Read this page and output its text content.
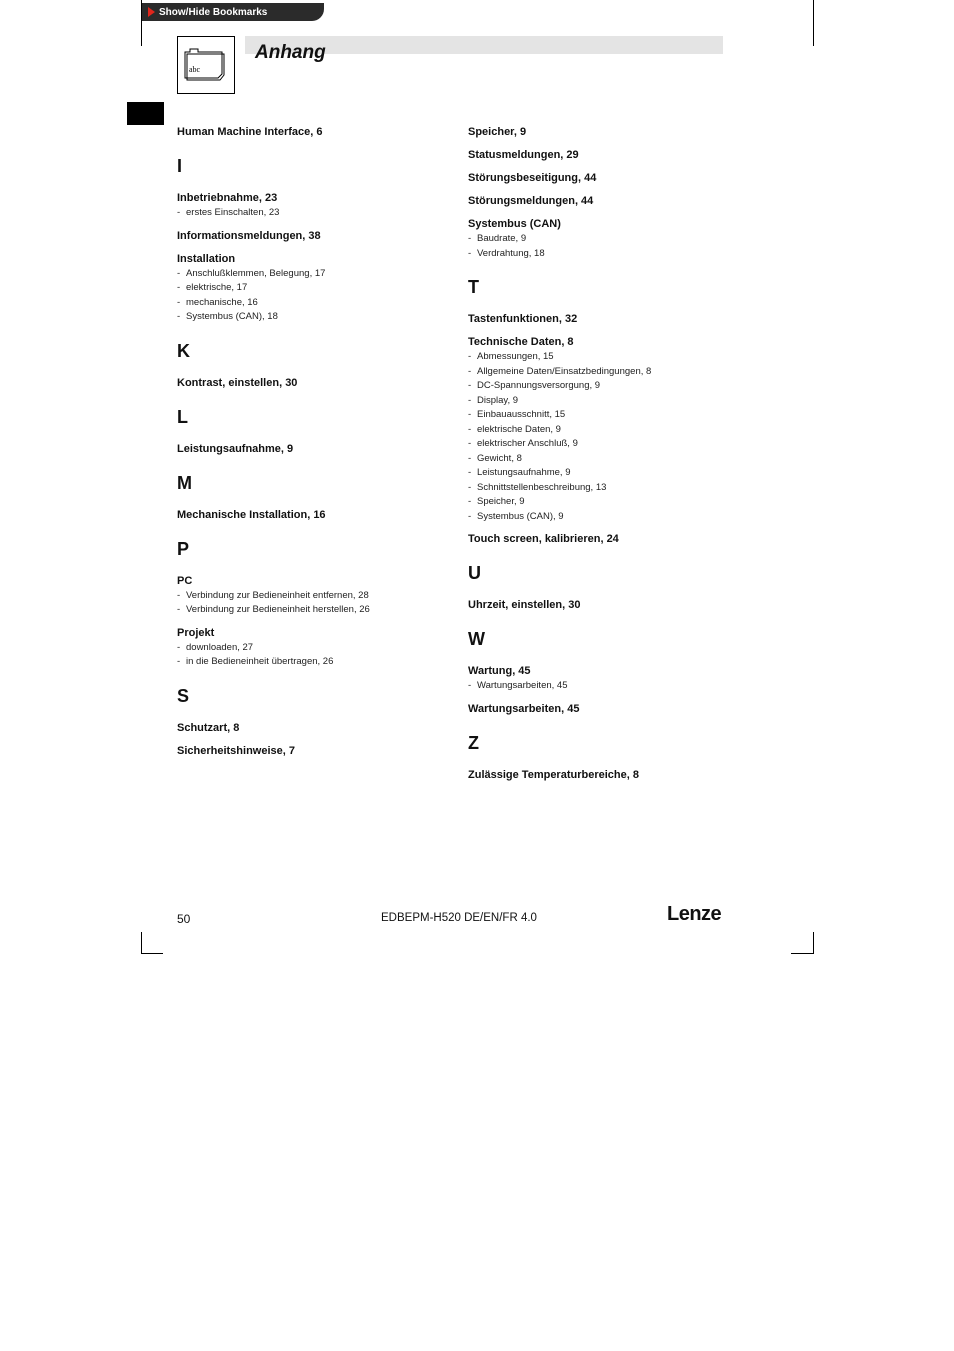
Show/Hide Bookmarks
abc
Anhang
Human Machine Interface, 6
I
Inbetriebnahme, 23
- erstes Einschalten, 23
Informationsmeldungen, 38
Installation
- Anschlußklemmen, Belegung, 17
- elektrische, 17
- mechanische, 16
- Systembus (CAN), 18
K
Kontrast, einstellen, 30
L
Leistungsaufnahme, 9
M
Mechanische Installation, 16
P
PC
- Verbindung zur Bedieneinheit entfernen, 28
- Verbindung zur Bedieneinheit herstellen, 26
Projekt
- downloaden, 27
- in die Bedieneinheit übertragen, 26
S
Schutzart, 8
Sicherheitshinweise, 7
Speicher, 9
Statusmeldungen, 29
Störungsbeseitigung, 44
Störungsmeldungen, 44
Systembus (CAN)
- Baudrate, 9
- Verdrahtung, 18
T
Tastenfunktionen, 32
Technische Daten, 8
- Abmessungen, 15
- Allgemeine Daten/Einsatzbedingungen, 8
- DC-Spannungsversorgung, 9
- Display, 9
- Einbauausschnitt, 15
- elektrische Daten, 9
- elektrischer Anschluß, 9
- Gewicht, 8
- Leistungsaufnahme, 9
- Schnittstellenbeschreibung, 13
- Speicher, 9
- Systembus (CAN), 9
Touch screen, kalibrieren, 24
U
Uhrzeit, einstellen, 30
W
Wartung, 45
- Wartungsarbeiten, 45
Wartungsarbeiten, 45
Z
Zulässige Temperaturbereiche, 8
50	EDBEPM-H520 DE/EN/FR 4.0	Lenze
